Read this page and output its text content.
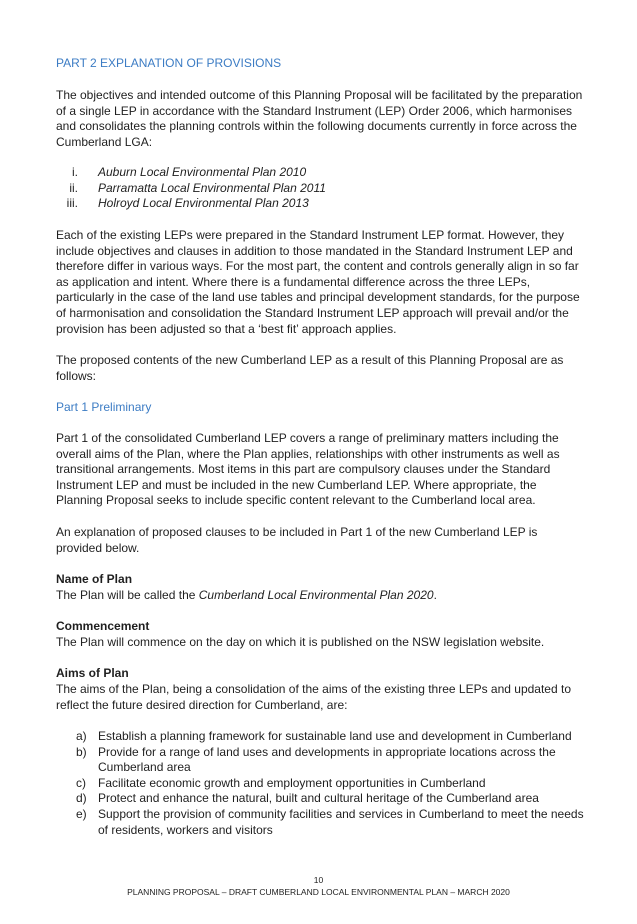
PART 2 EXPLANATION OF PROVISIONS

The objectives and intended outcome of this Planning Proposal will be facilitated by the preparation of a single LEP in accordance with the Standard Instrument (LEP) Order 2006, which harmonises and consolidates the planning controls within the following documents currently in force across the Cumberland LGA:

i. Auburn Local Environmental Plan 2010
ii. Parramatta Local Environmental Plan 2011
iii. Holroyd Local Environmental Plan 2013

Each of the existing LEPs were prepared in the Standard Instrument LEP format. However, they include objectives and clauses in addition to those mandated in the Standard Instrument LEP and therefore differ in various ways. For the most part, the content and controls generally align in so far as application and intent. Where there is a fundamental difference across the three LEPs, particularly in the case of the land use tables and principal development standards, for the purpose of harmonisation and consolidation the Standard Instrument LEP approach will prevail and/or the provision has been adjusted so that a ‘best fit’ approach applies.

The proposed contents of the new Cumberland LEP as a result of this Planning Proposal are as follows:

Part 1 Preliminary

Part 1 of the consolidated Cumberland LEP covers a range of preliminary matters including the overall aims of the Plan, where the Plan applies, relationships with other instruments as well as transitional arrangements. Most items in this part are compulsory clauses under the Standard Instrument LEP and must be included in the new Cumberland LEP. Where appropriate, the Planning Proposal seeks to include specific content relevant to the Cumberland local area.

An explanation of proposed clauses to be included in Part 1 of the new Cumberland LEP is provided below.

Name of Plan

The Plan will be called the Cumberland Local Environmental Plan 2020.

Commencement

The Plan will commence on the day on which it is published on the NSW legislation website.

Aims of Plan

The aims of the Plan, being a consolidation of the aims of the existing three LEPs and updated to reflect the future desired direction for Cumberland, are:

a) Establish a planning framework for sustainable land use and development in Cumberland
b) Provide for a range of land uses and developments in appropriate locations across the Cumberland area
c) Facilitate economic growth and employment opportunities in Cumberland
d) Protect and enhance the natural, built and cultural heritage of the Cumberland area
e) Support the provision of community facilities and services in Cumberland to meet the needs of residents, workers and visitors

10

PLANNING PROPOSAL – DRAFT CUMBERLAND LOCAL ENVIRONMENTAL PLAN – MARCH 2020
